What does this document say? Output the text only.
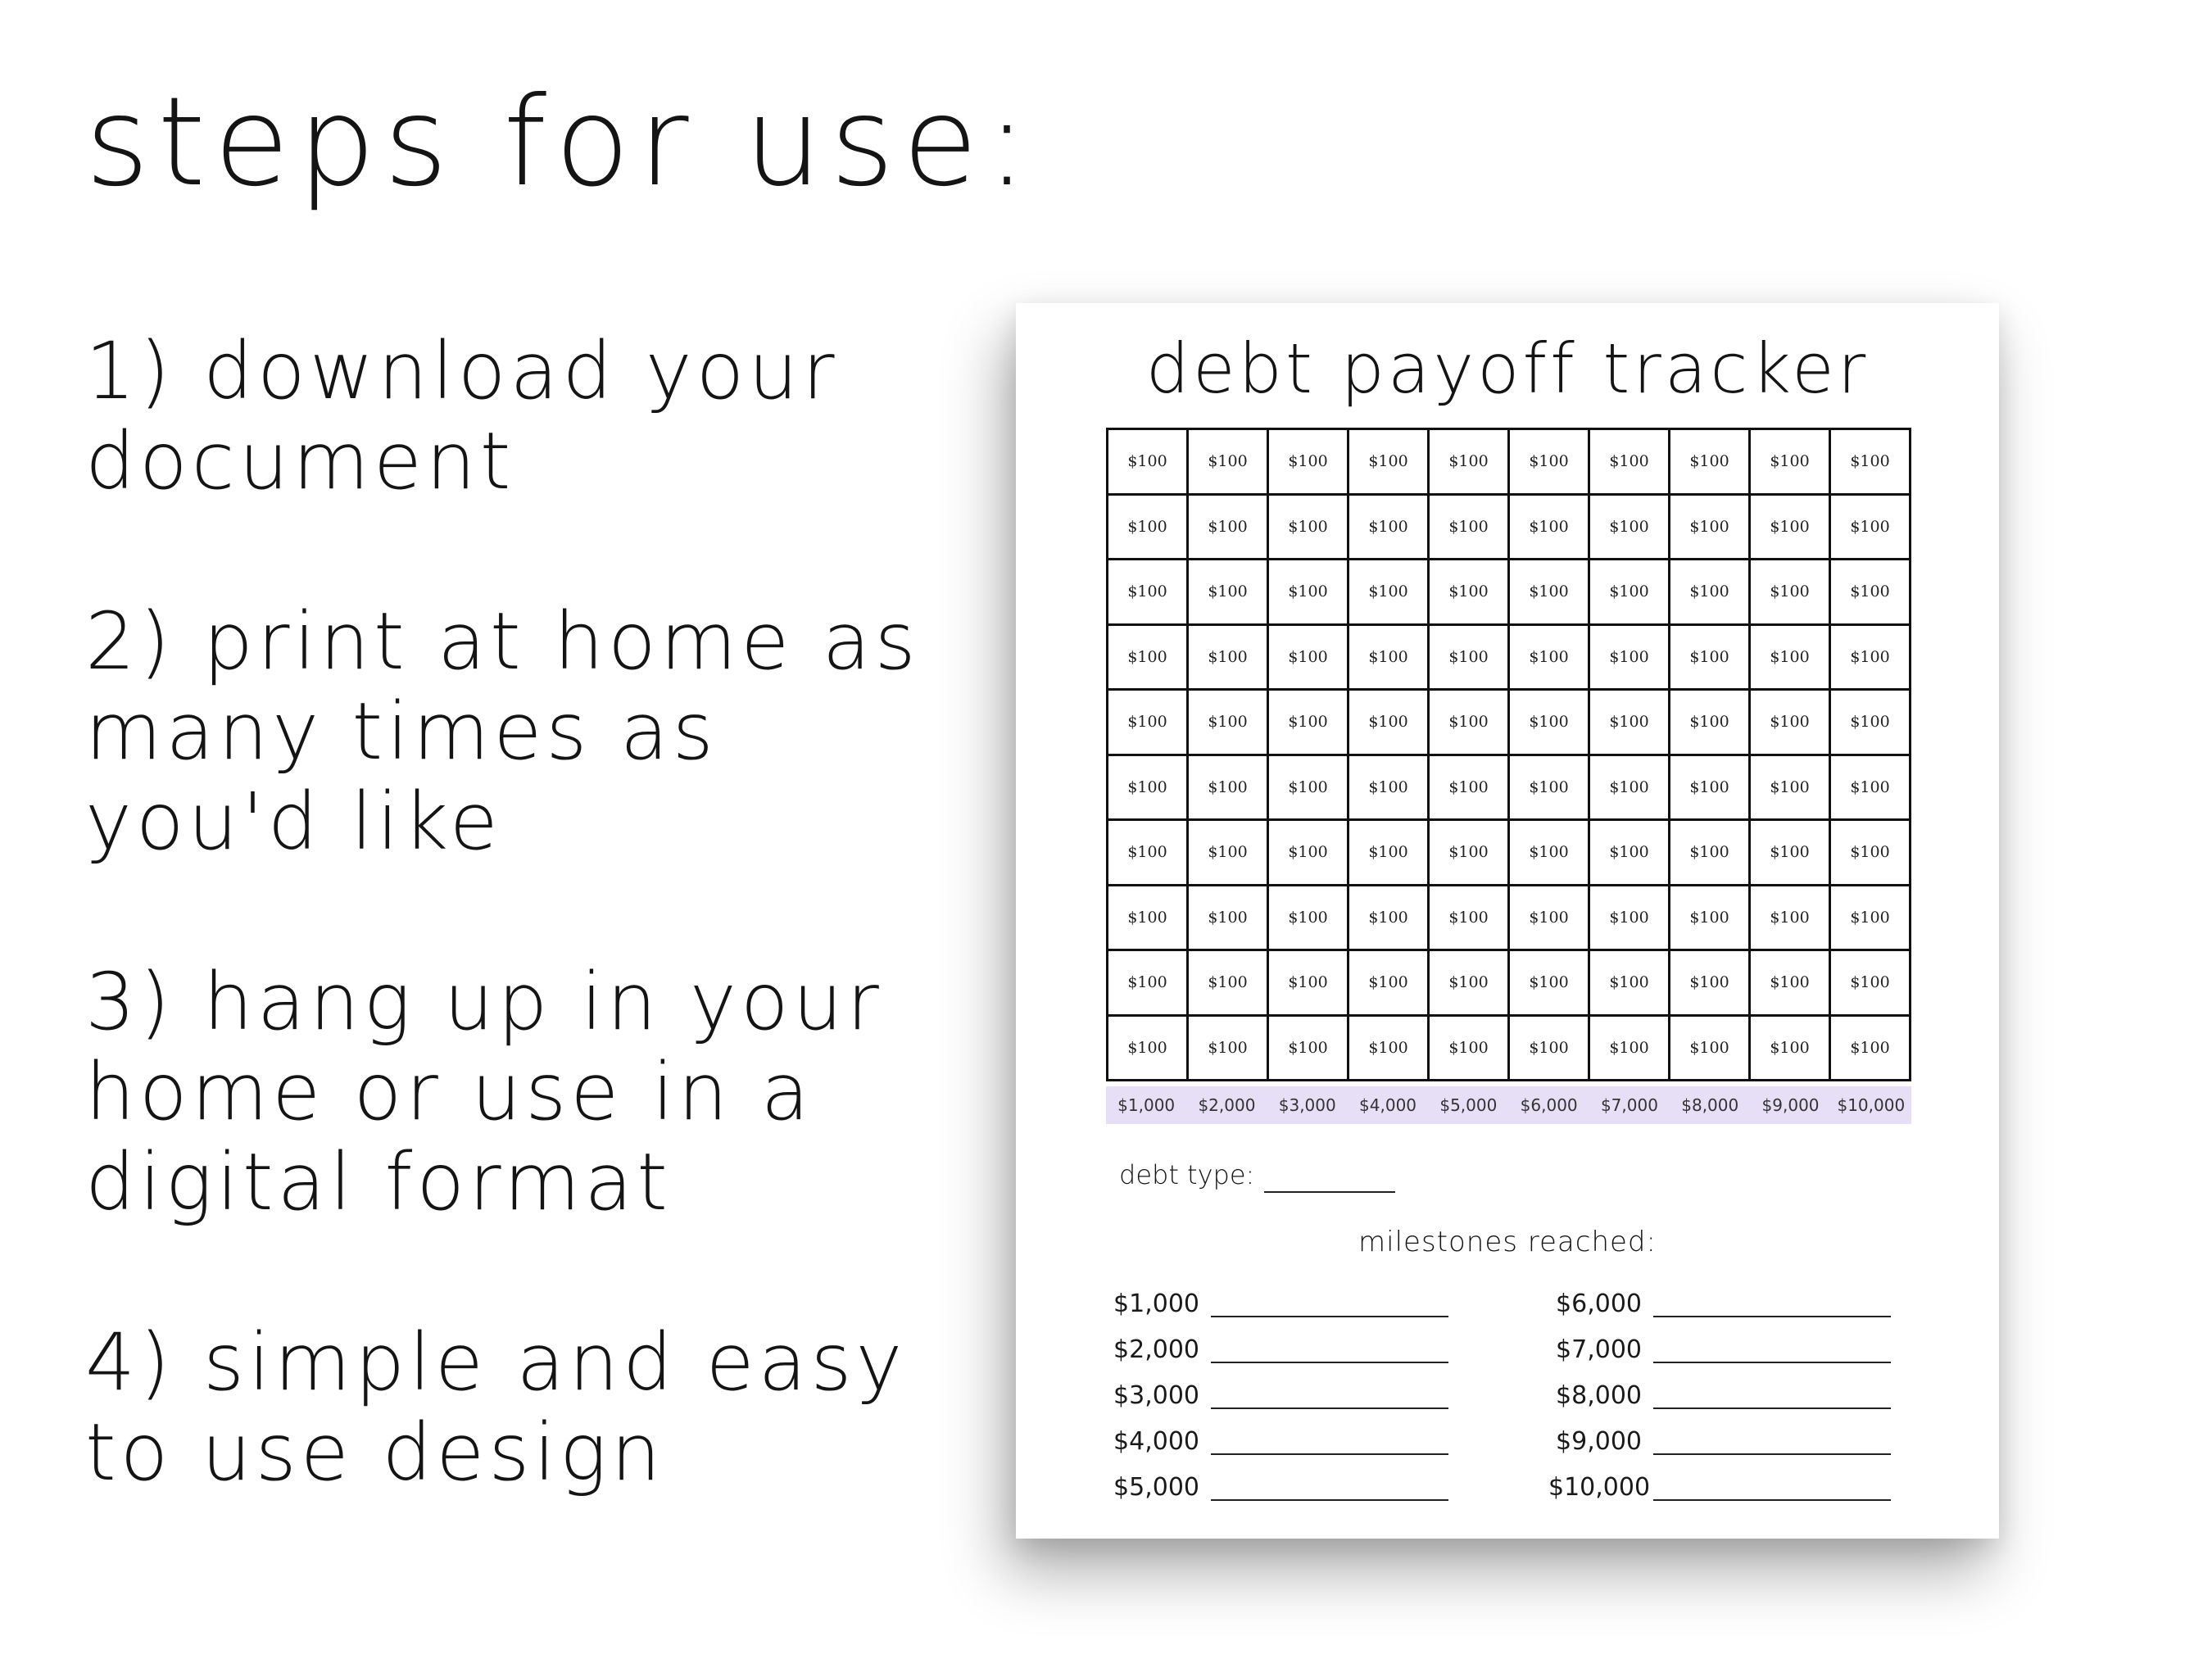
steps for use:
1) download your
document
2) print at home as
many times as
you'd like
3) hang up in your
home or use in a
digital format
4) simple and easy
to use design
debt payoff tracker
$100	$100	$100	$100	$100	$100	$100	$100	$100	$100
$100	$100	$100	$100	$100	$100	$100	$100	$100	$100
$100	$100	$100	$100	$100	$100	$100	$100	$100	$100
$100	$100	$100	$100	$100	$100	$100	$100	$100	$100
$100	$100	$100	$100	$100	$100	$100	$100	$100	$100
$100	$100	$100	$100	$100	$100	$100	$100	$100	$100
$100	$100	$100	$100	$100	$100	$100	$100	$100	$100
$100	$100	$100	$100	$100	$100	$100	$100	$100	$100
$100	$100	$100	$100	$100	$100	$100	$100	$100	$100
$100	$100	$100	$100	$100	$100	$100	$100	$100	$100
$1,000	$2,000	$3,000	$4,000	$5,000	$6,000	$7,000	$8,000	$9,000	$10,000
debt type:
milestones reached:
$1,000
$2,000
$3,000
$4,000
$5,000
$6,000
$7,000
$8,000
$9,000
$10,000
